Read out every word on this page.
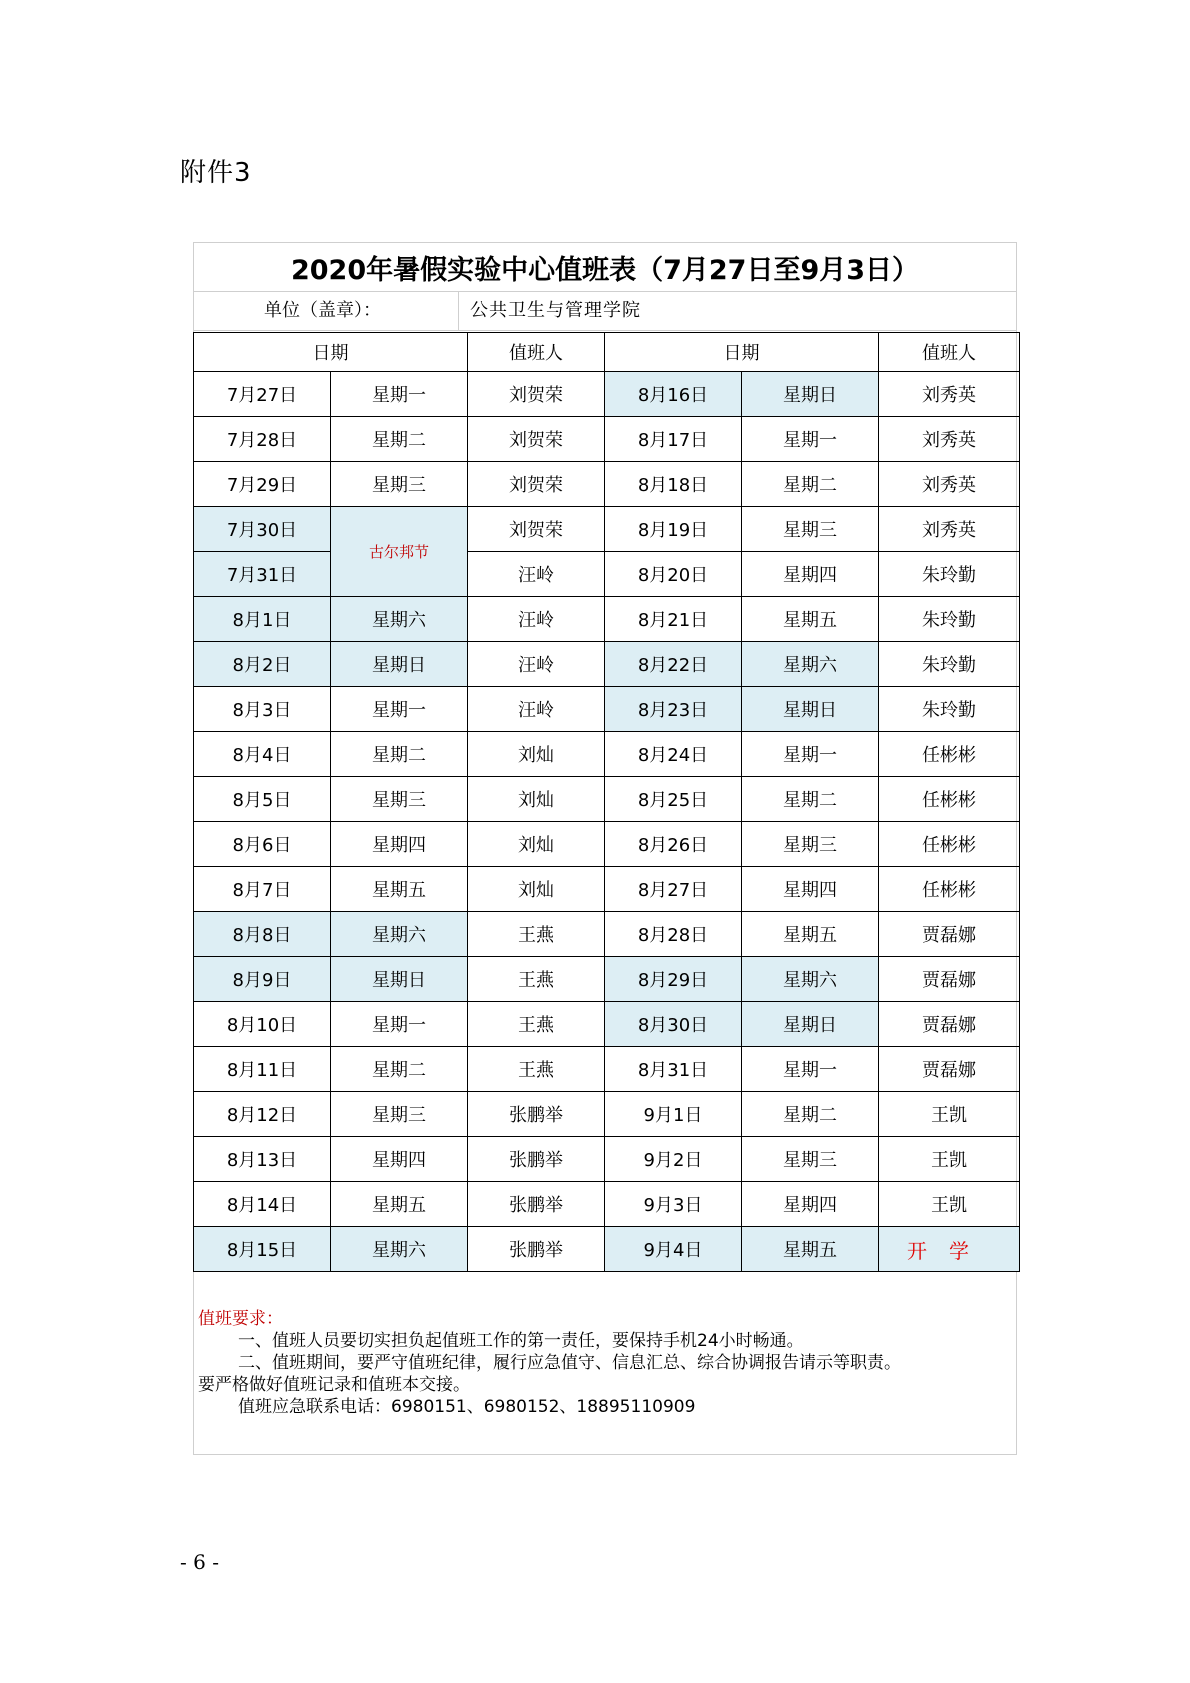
附件3
2020年暑假实验中心值班表（7月27日至9月3日）
单位（盖章）：	公共卫生与管理学院
日期		值班人	日期		值班人
7月27日	星期一	刘贺荣	8月16日	星期日	刘秀英
7月28日	星期二	刘贺荣	8月17日	星期一	刘秀英
7月29日	星期三	刘贺荣	8月18日	星期二	刘秀英
7月30日	古尔邦节	刘贺荣	8月19日	星期三	刘秀英
7月31日		汪岭	8月20日	星期四	朱玲勤
8月1日	星期六	汪岭	8月21日	星期五	朱玲勤
8月2日	星期日	汪岭	8月22日	星期六	朱玲勤
8月3日	星期一	汪岭	8月23日	星期日	朱玲勤
8月4日	星期二	刘灿	8月24日	星期一	任彬彬
8月5日	星期三	刘灿	8月25日	星期二	任彬彬
8月6日	星期四	刘灿	8月26日	星期三	任彬彬
8月7日	星期五	刘灿	8月27日	星期四	任彬彬
8月8日	星期六	王燕	8月28日	星期五	贾磊娜
8月9日	星期日	王燕	8月29日	星期六	贾磊娜
8月10日	星期一	王燕	8月30日	星期日	贾磊娜
8月11日	星期二	王燕	8月31日	星期一	贾磊娜
8月12日	星期三	张鹏举	9月1日	星期二	王凯
8月13日	星期四	张鹏举	9月2日	星期三	王凯
8月14日	星期五	张鹏举	9月3日	星期四	王凯
8月15日	星期六	张鹏举	9月4日	星期五	开学
值班要求：
一、值班人员要切实担负起值班工作的第一责任，要保持手机24小时畅通。
二、值班期间，要严守值班纪律，履行应急值守、信息汇总、综合协调报告请示等职责。
要严格做好值班记录和值班本交接。
值班应急联系电话：6980151、6980152、18895110909
- 6 -
